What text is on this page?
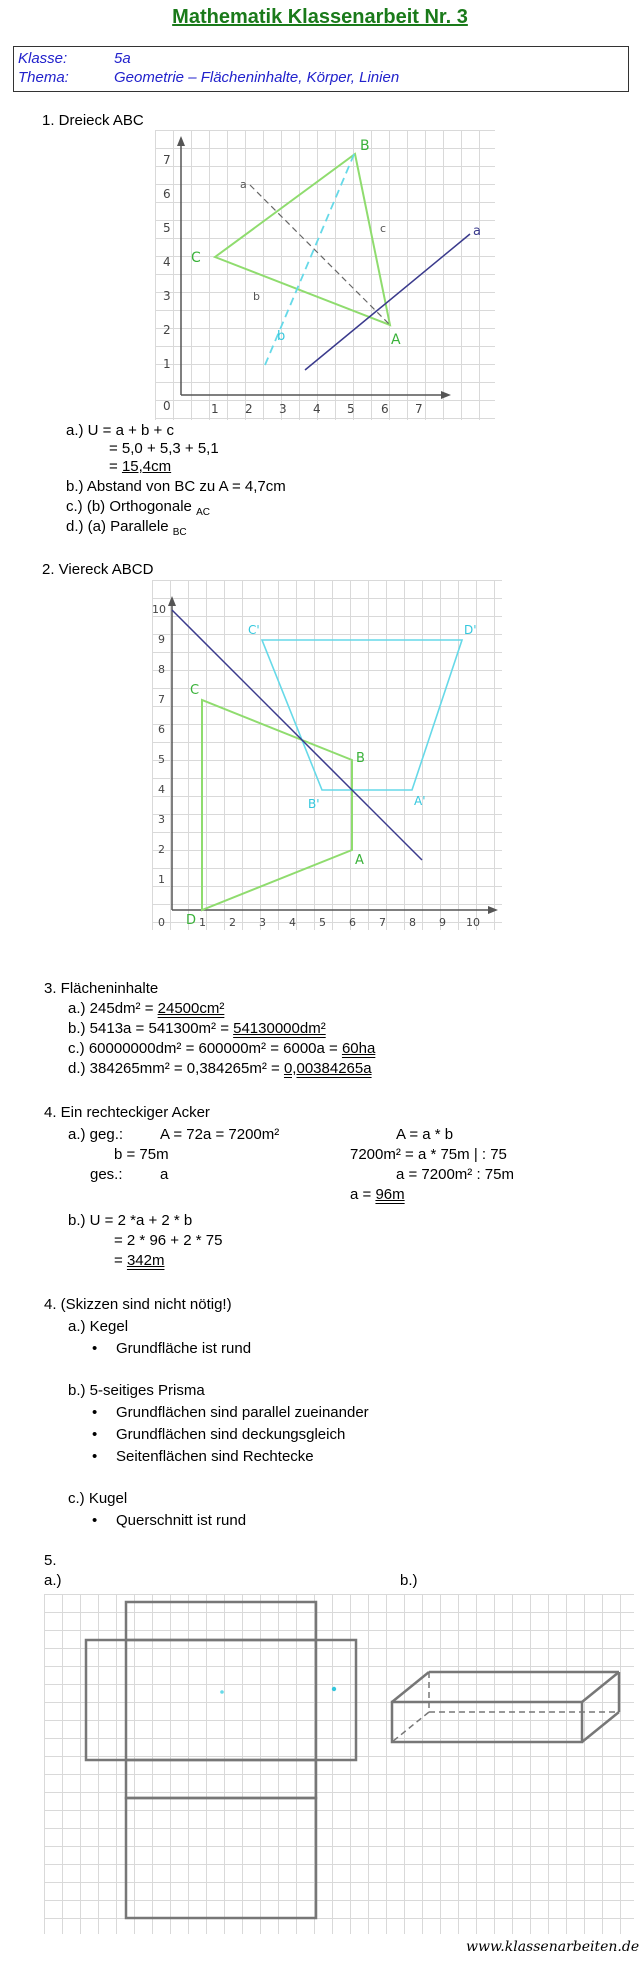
Mathematik Klassenarbeit Nr. 3
Klasse:	5a
Thema:	Geometrie – Flächeninhalte, Körper, Linien
1. Dreieck ABC
1
2
3
4
5
6
7
0	1 2 3 4 5 6 7
B
C
A
a
b
c	a
b
a.) U = a + b + c
= 5,0 + 5,3 + 5,1
= 15,4cm
b.) Abstand von BC zu A = 4,7cm
c.) (b) Orthogonale $_{AC}$
d.) (a) Parallele $_{BC}$
2. Viereck ABCD
1
2
3
4
5
6
7
8
9
10
0	1 2 3 4 5 6 7 8 9 10
A
B
C
D
A'
B'
C'	D'
3. Flächeninhalte
a.) 245dm² = 24500cm²
b.) 5413a = 541300m² = 54130000dm²
c.) 60000000dm² = 600000m² = 6000a = 60ha
d.) 384265mm² = 0,384265m² = 0,00384265a
4. Ein rechteckiger Acker
a.) geg.: A = 72a = 7200m²
b = 75m
ges.: a
A = a * b
7200m² = a * 75m | : 75
a = 7200m² : 75m
a = 96m
b.) U = 2 *a + 2 * b
= 2 * 96 + 2 * 75
= 342m
4. (Skizzen sind nicht nötig!)
a.) Kegel
• Grundfläche ist rund
b.) 5-seitiges Prisma
• Grundflächen sind parallel zueinander
• Grundflächen sind deckungsgleich
• Seitenflächen sind Rechtecke
c.) Kugel
• Querschnitt ist rund
5.
a.)	b.)
www.klassenarbeiten.de
